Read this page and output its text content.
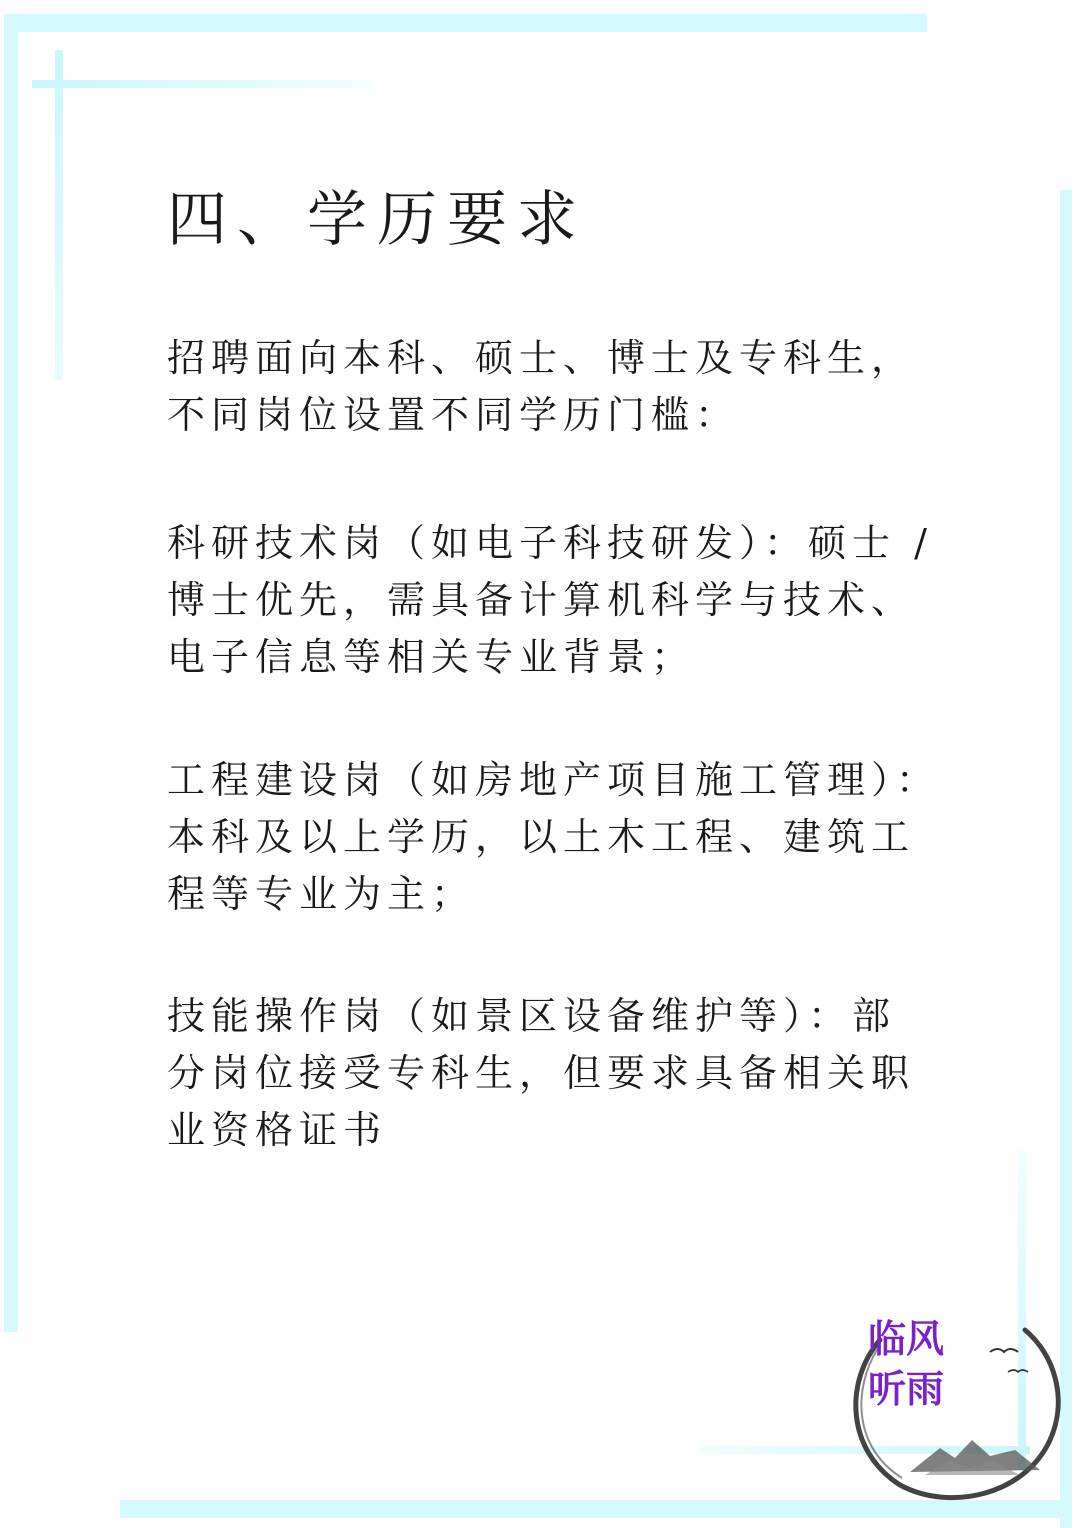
四、学历要求

招聘面向本科、硕士、博士及专科生，
不同岗位设置不同学历门槛：

科研技术岗（如电子科技研发）：硕士 /
博士优先，需具备计算机科学与技术、
电子信息等相关专业背景；

工程建设岗（如房地产项目施工管理）：
本科及以上学历，以土木工程、建筑工
程等专业为主；

技能操作岗（如景区设备维护等）：部
分岗位接受专科生，但要求具备相关职
业资格证书

临风
听雨
